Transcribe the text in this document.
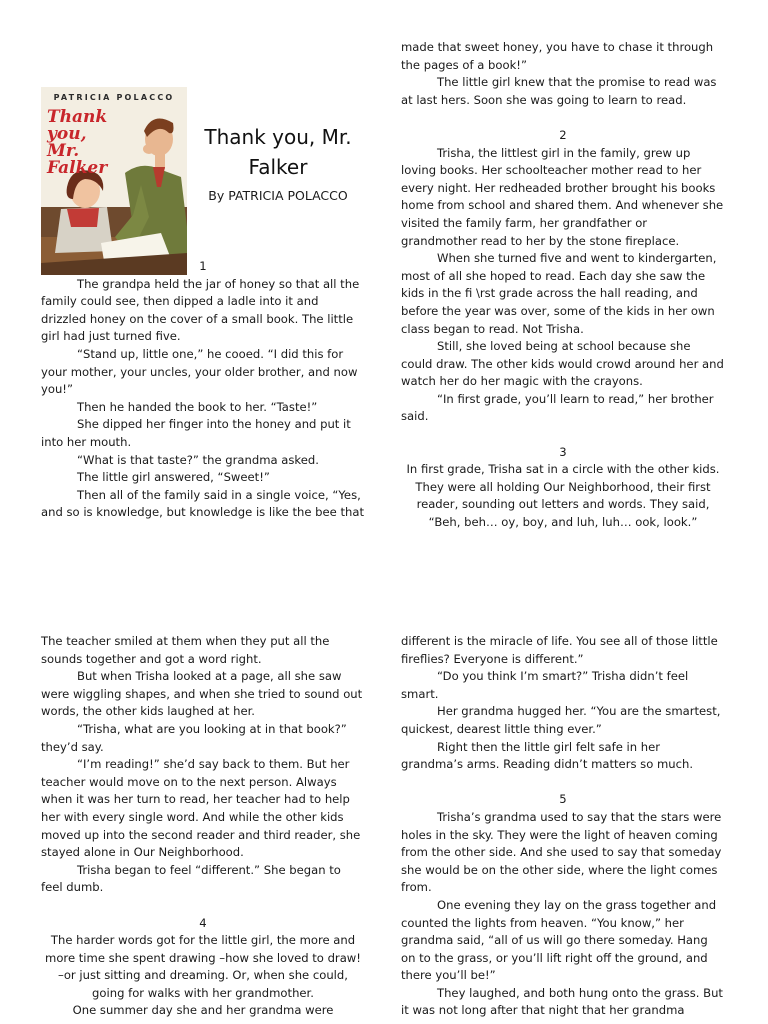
PATRICIA POLACCO
Thank you,
Mr. Falker
Thank you, Mr. Falker
By PATRICIA POLACCO

1

The grandpa held the jar of honey so that all the family could see, then dipped a ladle into it and drizzled honey on the cover of a small book. The little girl had just turned five.

“Stand up, little one,” he cooed. “I did this for your mother, your uncles, your older brother, and now you!”

Then he handed the book to her. “Taste!”

She dipped her finger into the honey and put it into her mouth.

“What is that taste?” the grandma asked.

The little girl answered, “Sweet!”

Then all of the family said in a single voice, “Yes, and so is knowledge, but knowledge is like the bee that

made that sweet honey, you have to chase it through the pages of a book!”

The little girl knew that the promise to read was at last hers. Soon she was going to learn to read.

2

Trisha, the littlest girl in the family, grew up loving books. Her schoolteacher mother read to her every night. Her redheaded brother brought his books home from school and shared them. And whenever she visited the family farm, her grandfather or grandmother read to her by the stone fireplace.

When she turned five and went to kindergarten, most of all she hoped to read. Each day she saw the kids in the fi \rst grade across the hall reading, and before the year was over, some of the kids in her own class began to read. Not Trisha.

Still, she loved being at school because she could draw. The other kids would crowd around her and watch her do her magic with the crayons.

“In first grade, you’ll learn to read,” her brother said.

3

In first grade, Trisha sat in a circle with the other kids. They were all holding Our Neighborhood, their first reader, sounding out letters and words. They said, “Beh, beh… oy, boy, and luh, luh… ook, look.”

The teacher smiled at them when they put all the sounds together and got a word right.

But when Trisha looked at a page, all she saw were wiggling shapes, and when she tried to sound out words, the other kids laughed at her.

“Trisha, what are you looking at in that book?” they’d say.

“I’m reading!” she’d say back to them. But her teacher would move on to the next person. Always when it was her turn to read, her teacher had to help her with every single word. And while the other kids moved up into the second reader and third reader, she stayed alone in Our Neighborhood.

Trisha began to feel “different.” She began to feel dumb.

4

The harder words got for the little girl, the more and more time she spent drawing –how she loved to draw! –or just sitting and dreaming. Or, when she could, going for walks with her grandmother.

One summer day she and her grandma were

different is the miracle of life. You see all of those little fireflies? Everyone is different.”

“Do you think I’m smart?” Trisha didn’t feel smart.

Her grandma hugged her. “You are the smartest, quickest, dearest little thing ever.”

Right then the little girl felt safe in her grandma’s arms. Reading didn’t matters so much.

5

Trisha’s grandma used to say that the stars were holes in the sky. They were the light of heaven coming from the other side. And she used to say that someday she would be on the other side, where the light comes from.

One evening they lay on the grass together and counted the lights from heaven. “You know,” her grandma said, “all of us will go there someday. Hang on to the grass, or you’ll lift right off the ground, and there you’ll be!”

They laughed, and both hung onto the grass. But it was not long after that night that her grandma
